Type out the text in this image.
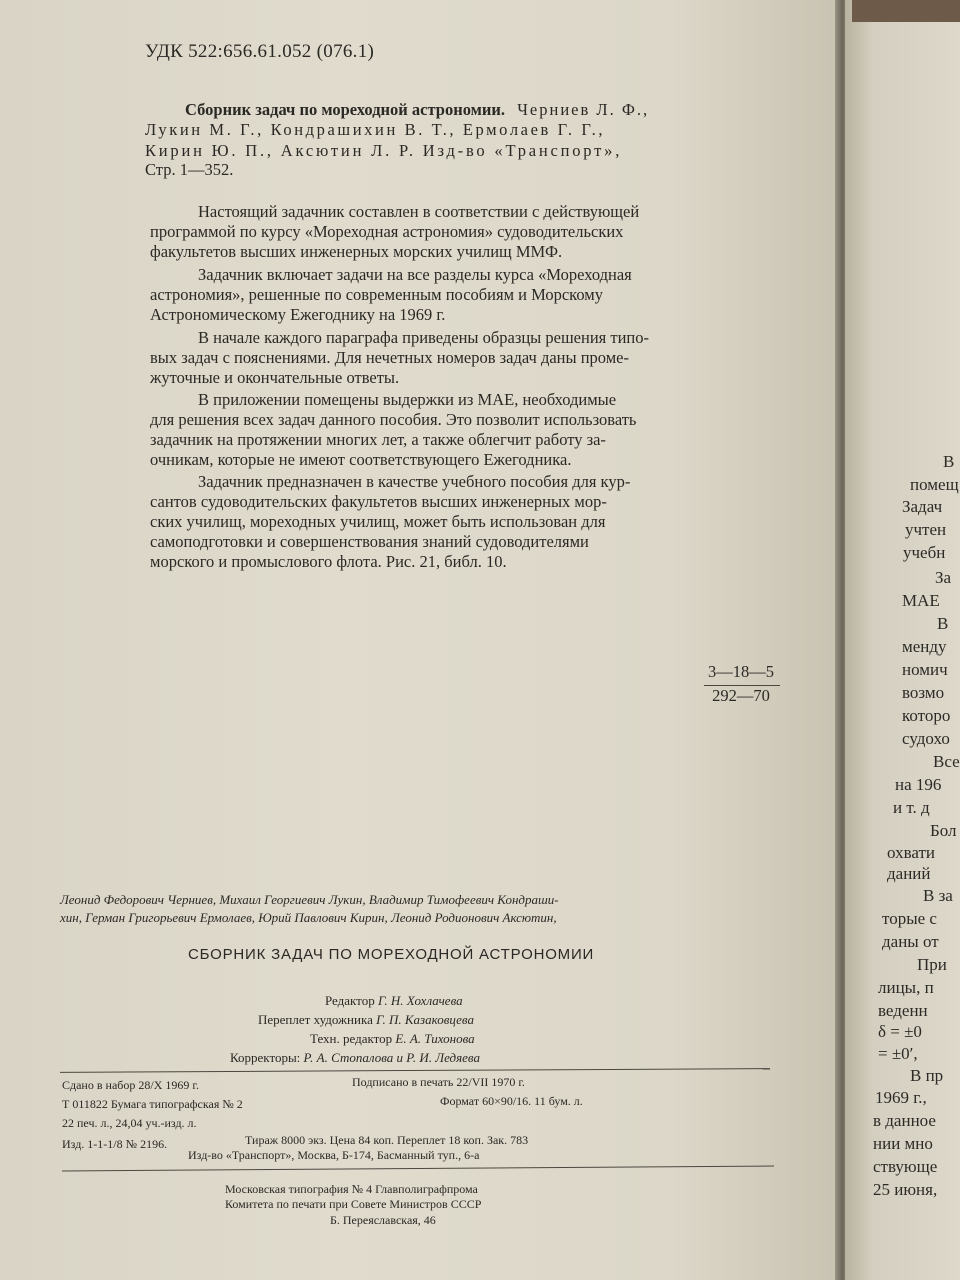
УДК 522:656.61.052 (076.1)
Сборник задач по мореходной астрономии. Черниев Л. Ф.,
Лукин М. Г., Кондрашихин В. Т., Ермолаев Г. Г.,
Кирин Ю. П., Аксютин Л. Р. Изд-во «Транспорт»,
Стр. 1—352.
Настоящий задачник составлен в соответствии с действующей
программой по курсу «Мореходная астрономия» судоводительских
факультетов высших инженерных морских училищ ММФ.
Задачник включает задачи на все разделы курса «Мореходная
астрономия», решенные по современным пособиям и Морскому
Астрономическому Ежегоднику на 1969 г.
В начале каждого параграфа приведены образцы решения типо-
вых задач с пояснениями. Для нечетных номеров задач даны проме-
жуточные и окончательные ответы.
В приложении помещены выдержки из МАЕ, необходимые
для решения всех задач данного пособия. Это позволит использовать
задачник на протяжении многих лет, а также облегчит работу за-
очникам, которые не имеют соответствующего Ежегодника.
Задачник предназначен в качестве учебного пособия для кур-
сантов судоводительских факультетов высших инженерных мор-
ских училищ, мореходных училищ, может быть использован для
самоподготовки и совершенствования знаний судоводителями
морского и промыслового флота. Рис. 21, библ. 10.
3—18—5
292—70
Леонид Федорович Черниев, Михаил Георгиевич Лукин, Владимир Тимофеевич Кондраши-
хин, Герман Григорьевич Ермолаев, Юрий Павлович Кирин, Леонид Родионович Аксютин,
СБОРНИК ЗАДАЧ ПО МОРЕХОДНОЙ АСТРОНОМИИ
Редактор Г. Н. Хохлачева
Переплет художника Г. П. Казаковцева
Техн. редактор Е. А. Тихонова
Корректоры: Р. А. Стопалова и Р. И. Ледяева
Сдано в набор 28/X 1969 г.	Подписано в печать 22/VII 1970 г.
Т 011822 Бумага типографская № 2	Формат 60×90/16. 11 бум. л.
22 печ. л., 24,04 уч.-изд. л.
Изд. 1-1-1/8 № 2196.	Тираж 8000 экз. Цена 84 коп. Переплет 18 коп. Зак. 783
Изд-во «Транспорт», Москва, Б-174, Басманный туп., 6-а
Московская типография № 4 Главполиграфпрома
Комитета по печати при Совете Министров СССР
Б. Переяславская, 46
В
помещ
Задач
учтен
учебн
За
МАЕ
В
менду
номич
возмо
которо
судохо
Все
на 196
и т. д
Бол
охвати
даний
В за
торые с
даны от
При
лицы, п
веденн
δ = ±0
= ±0′,
В пр
1969 г.,
в данное
нии мно
ствующе
25 июня,
